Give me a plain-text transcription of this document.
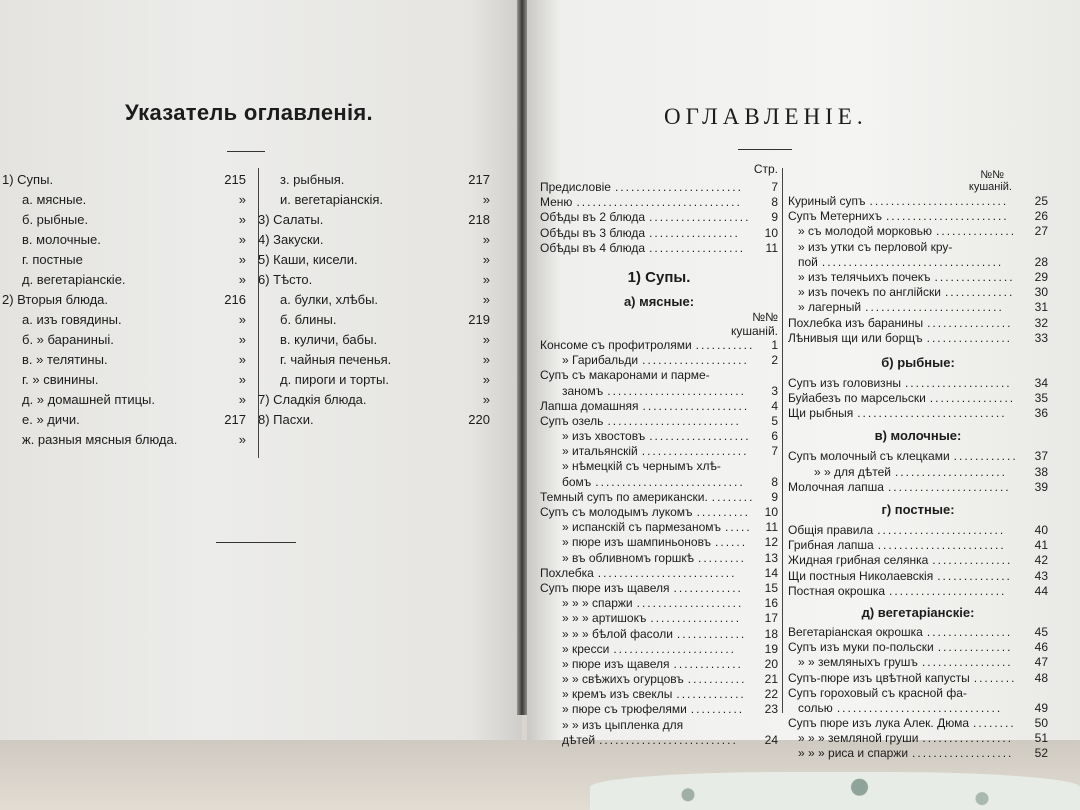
Указатель оглавленія.
1) Супы.	215
а. мясные.	»
б. рыбные.	»
в. молочные.	»
г. постные	»
д. вегетаріанскіе.	»
2) Вторыя блюда.	216
а. изъ говядины.	»
б. » бараниныі.	»
в. » телятины.	»
г. » свинины.	»
д. » домашней птицы.	»
е. » дичи.	217
ж. разныя мясныя блюда.	»
з. рыбныя.	217
и. вегетаріанскія.	»
3) Салаты.	218
4) Закуски.	»
5) Каши, кисели.	»
6) Тѣсто.	»
а. булки, хлѣбы.	»
б. блины.	219
в. куличи, бабы.	»
г. чайныя печенья.	»
д. пироги и торты.	»
7) Сладкія блюда.	»
8) Пасхи.	220
ОГЛАВЛЕНІЕ.
Стр.
Предисловіе ........................	7
Меню ...............................	8
Обѣды въ 2 блюда ...................	9
Обѣды въ 3 блюда .................	10
Обѣды въ 4 блюда ..................	11
1) Супы.
а) мясные:
№№
кушаній.
Консоме съ профитролями ...........	1
» Гарибальди ....................	2
Супъ съ макаронами и парме-
заномъ ..........................	3
Лапша домашняя ....................	4
Супъ озель .........................	5
» изъ хвостовъ ...................	6
» итальянскій ....................	7
» нѣмецкій съ чернымъ хлѣ-
бомъ ............................	8
Темный супъ по американски. ........	9
Супъ съ молодымъ лукомъ ..........	10
» испанскій съ пармезаномъ .....	11
» пюре изъ шампиньоновъ ......	12
» въ обливномъ горшкѣ .........	13
Похлебка ..........................	14
Супъ пюре изъ щавеля .............	15
» » » спаржи ....................	16
» » » артишокъ .................	17
» » » бѣлой фасоли .............	18
» кресси .......................	19
» пюре изъ щавеля .............	20
» » свѣжихъ огурцовъ ...........	21
» кремъ изъ свеклы .............	22
» пюре съ трюфелями ..........	23
» » изъ цыпленка для
дѣтей ..........................	24
№№
кушаній.
Куриный супъ ..........................	25
Супъ Метернихъ .......................	26
» съ молодой морковью ...............	27
» изъ утки съ перловой кру-
пой ..................................	28
» изъ телячьихъ почекъ ...............	29
» изъ почекъ по англійски .............	30
» лагерный ..........................	31
Похлебка изъ баранины ................	32
Лѣнивыя щи или борщъ ................	33
б) рыбные:
Супъ изъ головизны ....................	34
Буйабезъ по марсельски ................	35
Щи рыбныя ............................	36
в) молочные:
Супъ молочный съ клецками ............	37
» » для дѣтей .....................	38
Молочная лапша .......................	39
г) постные:
Общія правила ........................	40
Грибная лапша ........................	41
Жидная грибная селянка ...............	42
Щи постныя Николаевскія ..............	43
Постная окрошка ......................	44
д) вегетаріанскіе:
Вегетаріанская окрошка ................	45
Супъ изъ муки по-польски ..............	46
» » земляныхъ грушъ .................	47
Супъ-пюре изъ цвѣтной капусты ........	48
Супъ гороховый съ красной фа-
солью ...............................	49
Супъ пюре изъ лука Алек. Дюма ........	50
» » » земляной груши .................	51
» » » риса и спаржи ...................	52
